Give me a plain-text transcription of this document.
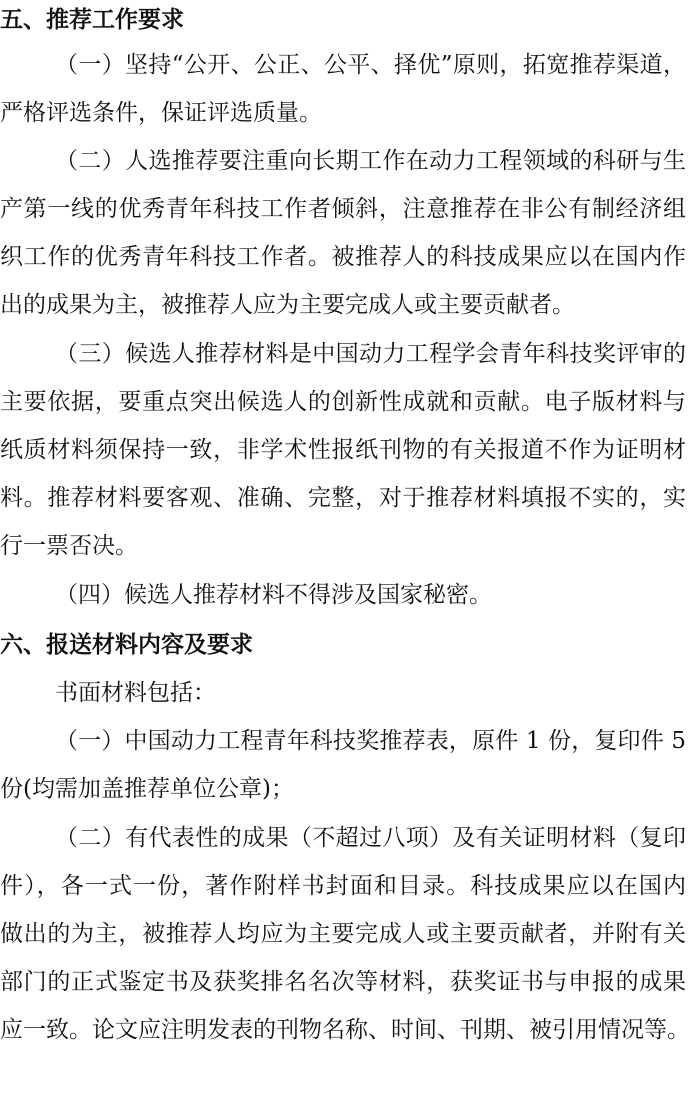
五、推荐工作要求
（一）坚持“公开、公正、公平、择优”原则，拓宽推荐渠道，
严格评选条件，保证评选质量。
（二）人选推荐要注重向长期工作在动力工程领域的科研与生
产第一线的优秀青年科技工作者倾斜，注意推荐在非公有制经济组
织工作的优秀青年科技工作者。被推荐人的科技成果应以在国内作
出的成果为主，被推荐人应为主要完成人或主要贡献者。
（三）候选人推荐材料是中国动力工程学会青年科技奖评审的
主要依据，要重点突出候选人的创新性成就和贡献。电子版材料与
纸质材料须保持一致，非学术性报纸刊物的有关报道不作为证明材
料。推荐材料要客观、准确、完整，对于推荐材料填报不实的，实
行一票否决。
（四）候选人推荐材料不得涉及国家秘密。
六、报送材料内容及要求
书面材料包括：
（一）中国动力工程青年科技奖推荐表，原件 1 份，复印件 5
份(均需加盖推荐单位公章)；
（二）有代表性的成果（不超过八项）及有关证明材料（复印
件），各一式一份，著作附样书封面和目录。科技成果应以在国内
做出的为主，被推荐人均应为主要完成人或主要贡献者，并附有关
部门的正式鉴定书及获奖排名名次等材料，获奖证书与申报的成果
应一致。论文应注明发表的刊物名称、时间、刊期、被引用情况等。
